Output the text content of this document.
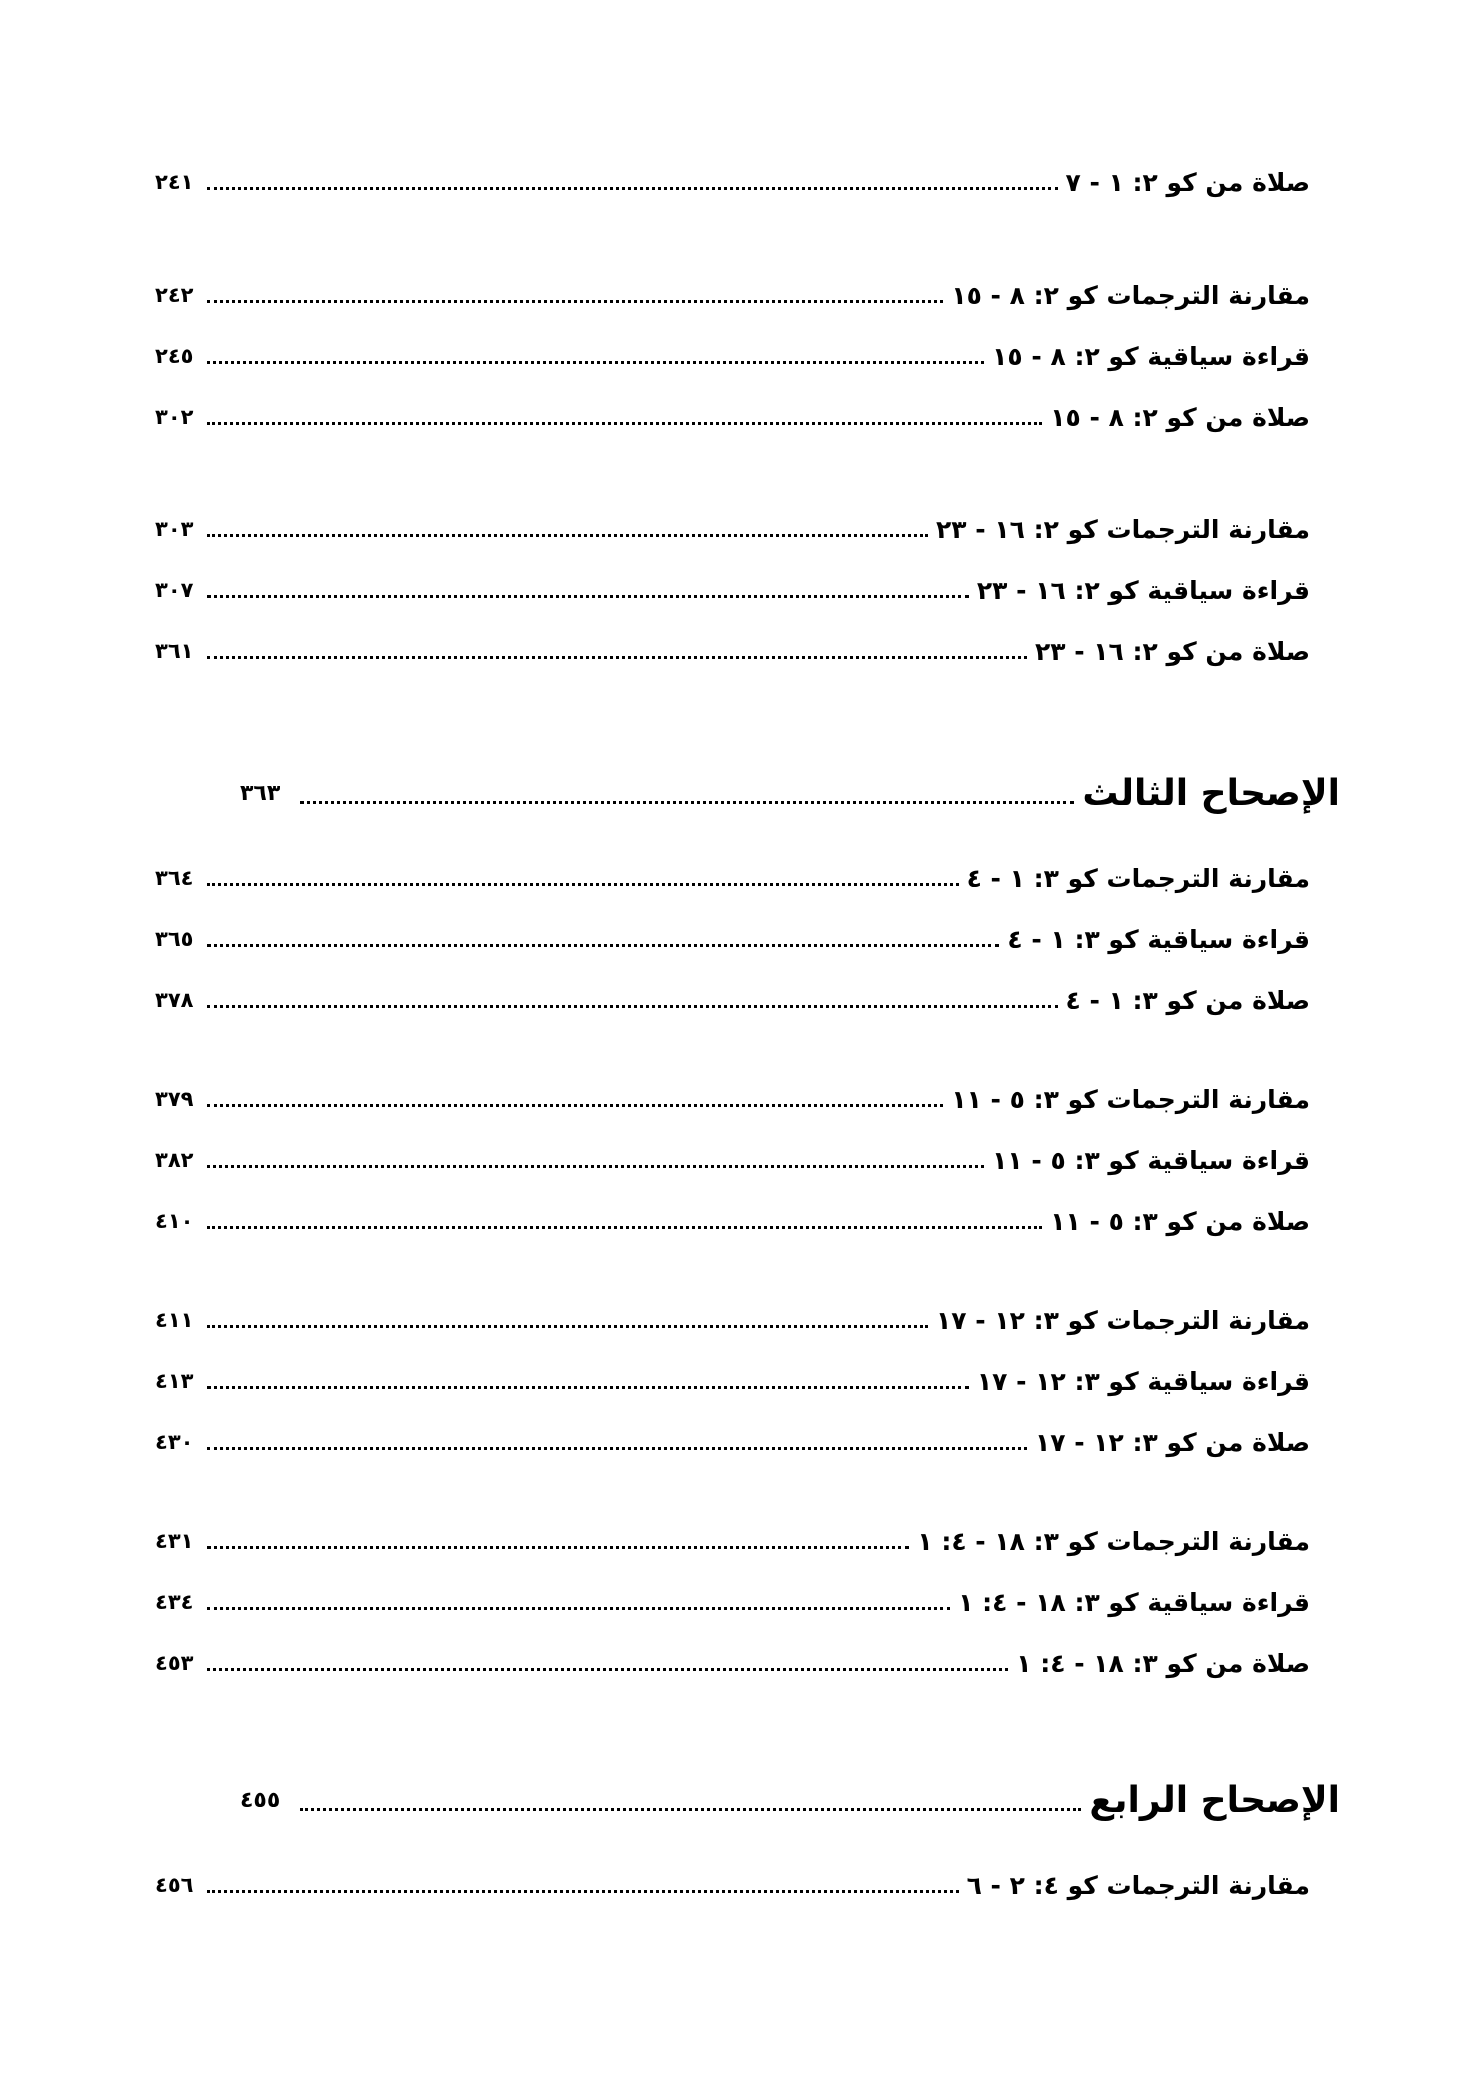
صلاة من كو ٢: ١ - ٧
٢٤١
مقارنة الترجمات كو ٢: ٨ - ١٥
٢٤٢
قراءة سياقية كو ٢: ٨ - ١٥
٢٤٥
صلاة من كو ٢: ٨ - ١٥
٣٠٢
مقارنة الترجمات كو ٢: ١٦ - ٢٣
٣٠٣
قراءة سياقية كو ٢: ١٦ - ٢٣
٣٠٧
صلاة من كو ٢: ١٦ - ٢٣
٣٦١
الإصحاح الثالث
٣٦٣
مقارنة الترجمات كو ٣: ١ - ٤
٣٦٤
قراءة سياقية كو ٣: ١ - ٤
٣٦٥
صلاة من كو ٣: ١ - ٤
٣٧٨
مقارنة الترجمات كو ٣: ٥ - ١١
٣٧٩
قراءة سياقية كو ٣: ٥ - ١١
٣٨٢
صلاة من كو ٣: ٥ - ١١
٤١٠
مقارنة الترجمات كو ٣: ١٢ - ١٧
٤١١
قراءة سياقية كو ٣: ١٢ - ١٧
٤١٣
صلاة من كو ٣: ١٢ - ١٧
٤٣٠
مقارنة الترجمات كو ٣: ١٨ - ٤: ١
٤٣١
قراءة سياقية كو ٣: ١٨ - ٤: ١
٤٣٤
صلاة من كو ٣: ١٨ - ٤: ١
٤٥٣
الإصحاح الرابع
٤٥٥
مقارنة الترجمات كو ٤: ٢ - ٦
٤٥٦
